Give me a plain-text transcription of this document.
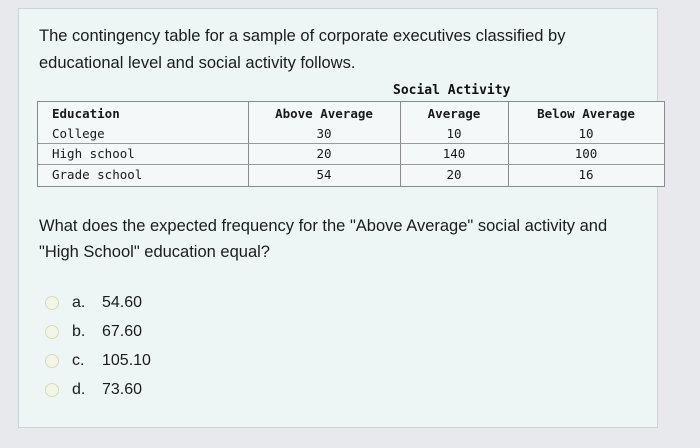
The contingency table for a sample of corporate executives classified by educational level and social activity follows.
Social Activity
Education	Above Average	Average	Below Average
College	30	10	10
High school	20	140	100
Grade school	54	20	16
What does the expected frequency for the "Above Average" social activity and "High School" education equal?
a.	54.60
b.	67.60
c.	105.10
d.	73.60
